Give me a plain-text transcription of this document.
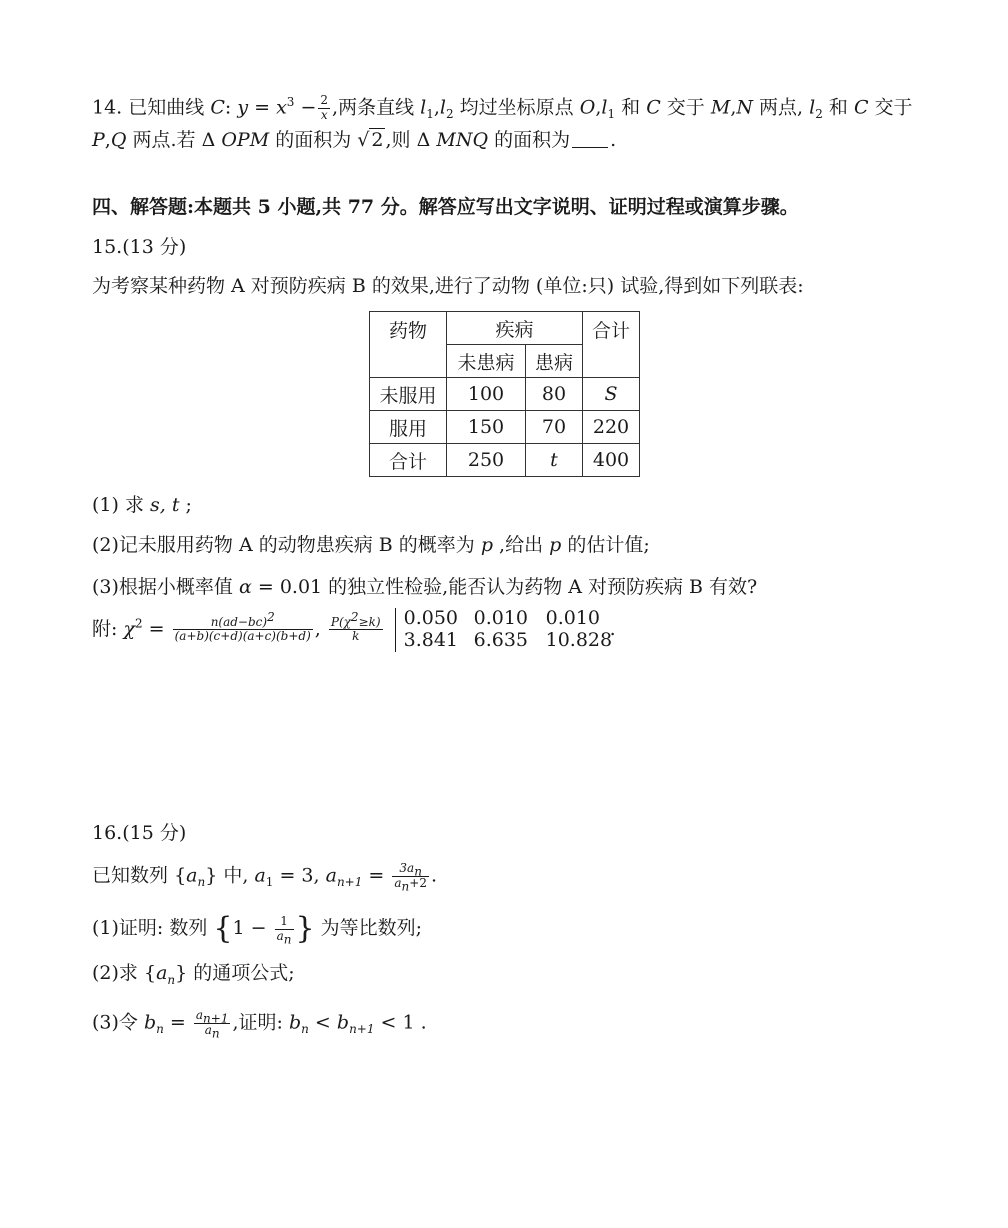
14. 已知曲线 C: $y = x^3 - \frac{2}{x}$ ,两条直线 $l_1,l_2$ 均过坐标原点 $O,l_1$ 和 C 交于 M,N 两点, $l_2$ 和 C 交于
P,Q 两点.若 Δ OPM 的面积为 √ 2 ,则 Δ MNQ 的面积为 .
四、解答题:本题共 5 小题,共 77 分。解答应写出文字说明、证明过程或演算步骤。
15.(13 分)
为考察某种药物 A 对预防疾病 B 的效果,进行了动物 (单位:只) 试验,得到如下列联表:
药物	疾病		合计
	未患病	患病	
未服用	100	80	S
服用	150	70	220
合计	250	t	400
(1) 求 s, t ;
(2)记未服用药物 A 的动物患疾病 B 的概率为 p ,给出 p 的估计值;
(3)根据小概率值 α = 0.01 的独立性检验,能否认为药物 A 对预防疾病 B 有效?
附: $\chi^2 = \frac{n(ad-bc)^2}{(a+b)(c+d)(a+c)(b+d)}$ , $\frac{P(\chi^2\ge k)}{k}$
0.050 0.010 0.010
3.841 6.635 10.828
.
16.(15 分)
已知数列 $\{a_n\}$ 中, $a_1 = 3$, $a_{n+1} = \frac{3a_n}{a_n+2}$ .
(1)证明: 数列 {$1 - \frac{1}{a_n}$ } 为等比数列;
(2)求 $\{a_n\}$ 的通项公式;
(3)令 $b_n = \frac{a_{n+1}}{a_n}$ ,证明: $b_n < b_{n+1} < 1$ .
